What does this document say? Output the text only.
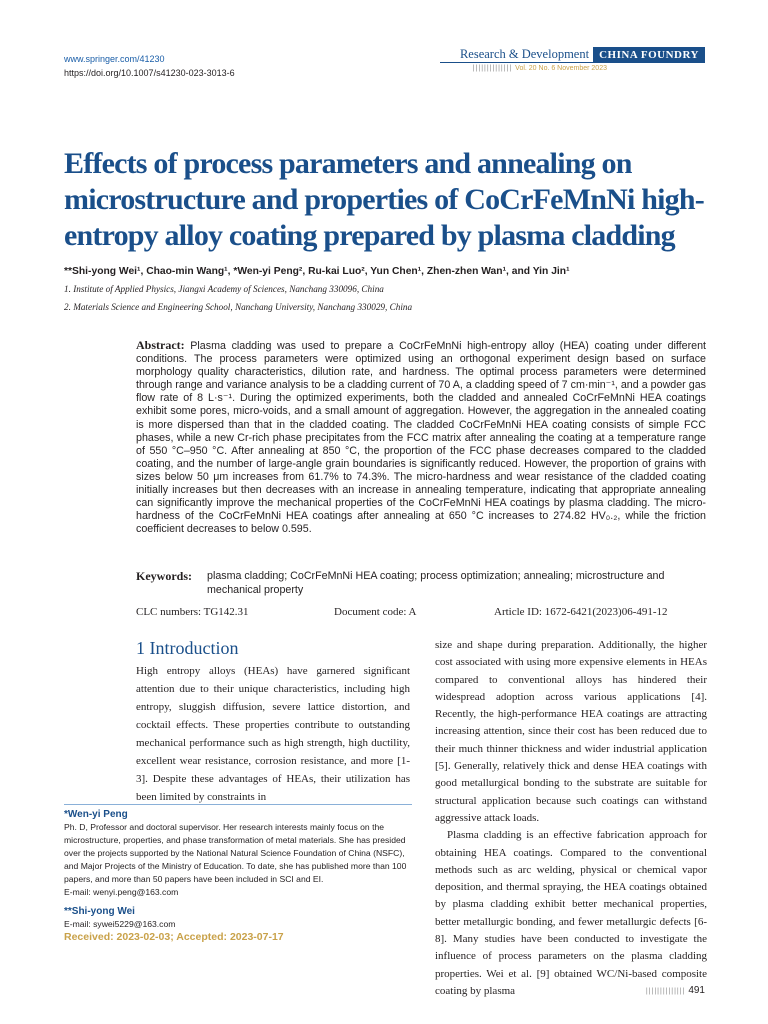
www.springer.com/41230
https://doi.org/10.1007/s41230-023-3013-6
Research & Development CHINA FOUNDRY
|||||||||||||| Vol. 20 No. 6 November 2023
Effects of process parameters and annealing on microstructure and properties of CoCrFeMnNi high-entropy alloy coating prepared by plasma cladding
**Shi-yong Wei¹, Chao-min Wang¹, *Wen-yi Peng², Ru-kai Luo², Yun Chen¹, Zhen-zhen Wan¹, and Yin Jin¹
1. Institute of Applied Physics, Jiangxi Academy of Sciences, Nanchang 330096, China
2. Materials Science and Engineering School, Nanchang University, Nanchang 330029, China
Abstract: Plasma cladding was used to prepare a CoCrFeMnNi high-entropy alloy (HEA) coating under different conditions. The process parameters were optimized using an orthogonal experiment design based on surface morphology quality characteristics, dilution rate, and hardness. The optimal process parameters were determined through range and variance analysis to be a cladding current of 70 A, a cladding speed of 7 cm·min⁻¹, and a powder gas flow rate of 8 L·s⁻¹. During the optimized experiments, both the cladded and annealed CoCrFeMnNi HEA coatings exhibit some pores, micro-voids, and a small amount of aggregation. However, the aggregation in the annealed coating is more dispersed than that in the cladded coating. The cladded CoCrFeMnNi HEA coating consists of simple FCC phases, while a new Cr-rich phase precipitates from the FCC matrix after annealing the coating at a temperature range of 550 °C–950 °C. After annealing at 850 °C, the proportion of the FCC phase decreases compared to the cladded coating, and the number of large-angle grain boundaries is significantly reduced. However, the proportion of grains with sizes below 50 μm increases from 61.7% to 74.3%. The micro-hardness and wear resistance of the cladded coating initially increases but then decreases with an increase in annealing temperature, indicating that appropriate annealing can significantly improve the mechanical properties of the CoCrFeMnNi HEA coatings by plasma cladding. The micro-hardness of the CoCrFeMnNi HEA coatings after annealing at 650 °C increases to 274.82 HV₀.₂, while the friction coefficient decreases to below 0.595.
Keywords: plasma cladding; CoCrFeMnNi HEA coating; process optimization; annealing; microstructure and mechanical property
CLC numbers: TG142.31	Document code: A	Article ID: 1672-6421(2023)06-491-12
1 Introduction

High entropy alloys (HEAs) have garnered significant attention due to their unique characteristics, including high entropy, sluggish diffusion, severe lattice distortion, and cocktail effects. These properties contribute to outstanding mechanical performance such as high strength, high ductility, excellent wear resistance, corrosion resistance, and more [1-3]. Despite these advantages of HEAs, their utilization has been limited by constraints in

size and shape during preparation. Additionally, the higher cost associated with using more expensive elements in HEAs compared to conventional alloys has hindered their widespread adoption across various applications [4]. Recently, the high-performance HEA coatings are attracting increasing attention, since their cost has been reduced due to their much thinner thickness and wider industrial application [5]. Generally, relatively thick and dense HEA coatings with good metallurgical bonding to the substrate are suitable for structural application because such coatings can withstand aggressive attack loads.

Plasma cladding is an effective fabrication approach for obtaining HEA coatings. Compared to the conventional methods such as arc welding, physical or chemical vapor deposition, and thermal spraying, the HEA coatings obtained by plasma cladding exhibit better mechanical properties, better metallurgic bonding, and fewer metallurgic defects [6-8]. Many studies have been conducted to investigate the influence of process parameters on the plasma cladding properties. Wei et al. [9] obtained WC/Ni-based composite coating by plasma

*Wen-yi Peng
Ph. D, Professor and doctoral supervisor. Her research interests mainly focus on the microstructure, properties, and phase transformation of metal materials. She has presided over the projects supported by the National Natural Science Foundation of China (NSFC), and Major Projects of the Ministry of Education. To date, she has published more than 100 papers, and more than 50 papers have been included in SCI and EI.
E-mail: wenyi.peng@163.com
**Shi-yong Wei
E-mail: sywei5229@163.com
Received: 2023-02-03; Accepted: 2023-07-17
|||||||||||||| 491
